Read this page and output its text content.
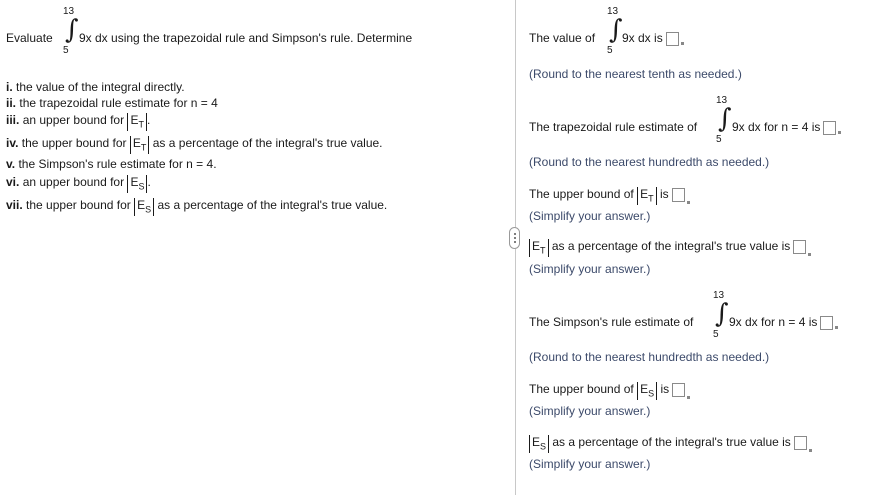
Evaluate
13
∫
5
9x dx using the trapezoidal rule and Simpson's rule. Determine
i. the value of the integral directly.
ii. the trapezoidal rule estimate for n = 4
iii. an upper bound for $E_T$ .
iv. the upper bound for $E_T$ as a percentage of the integral's true value.
v. the Simpson's rule estimate for n = 4.
vi. an upper bound for $E_S$ .
vii. the upper bound for $E_S$ as a percentage of the integral's true value.
The value of
13
∫
5
9x dx is
(Round to the nearest tenth as needed.)
The trapezoidal rule estimate of
13
∫
5
9x dx for n = 4 is
(Round to the nearest hundredth as needed.)
The upper bound of $E_T$ is
(Simplify your answer.)
$E_T$ as a percentage of the integral's true value is
(Simplify your answer.)
The Simpson's rule estimate of
13
∫
5
9x dx for n = 4 is
(Round to the nearest hundredth as needed.)
The upper bound of $E_S$ is
(Simplify your answer.)
$E_S$ as a percentage of the integral's true value is
(Simplify your answer.)
